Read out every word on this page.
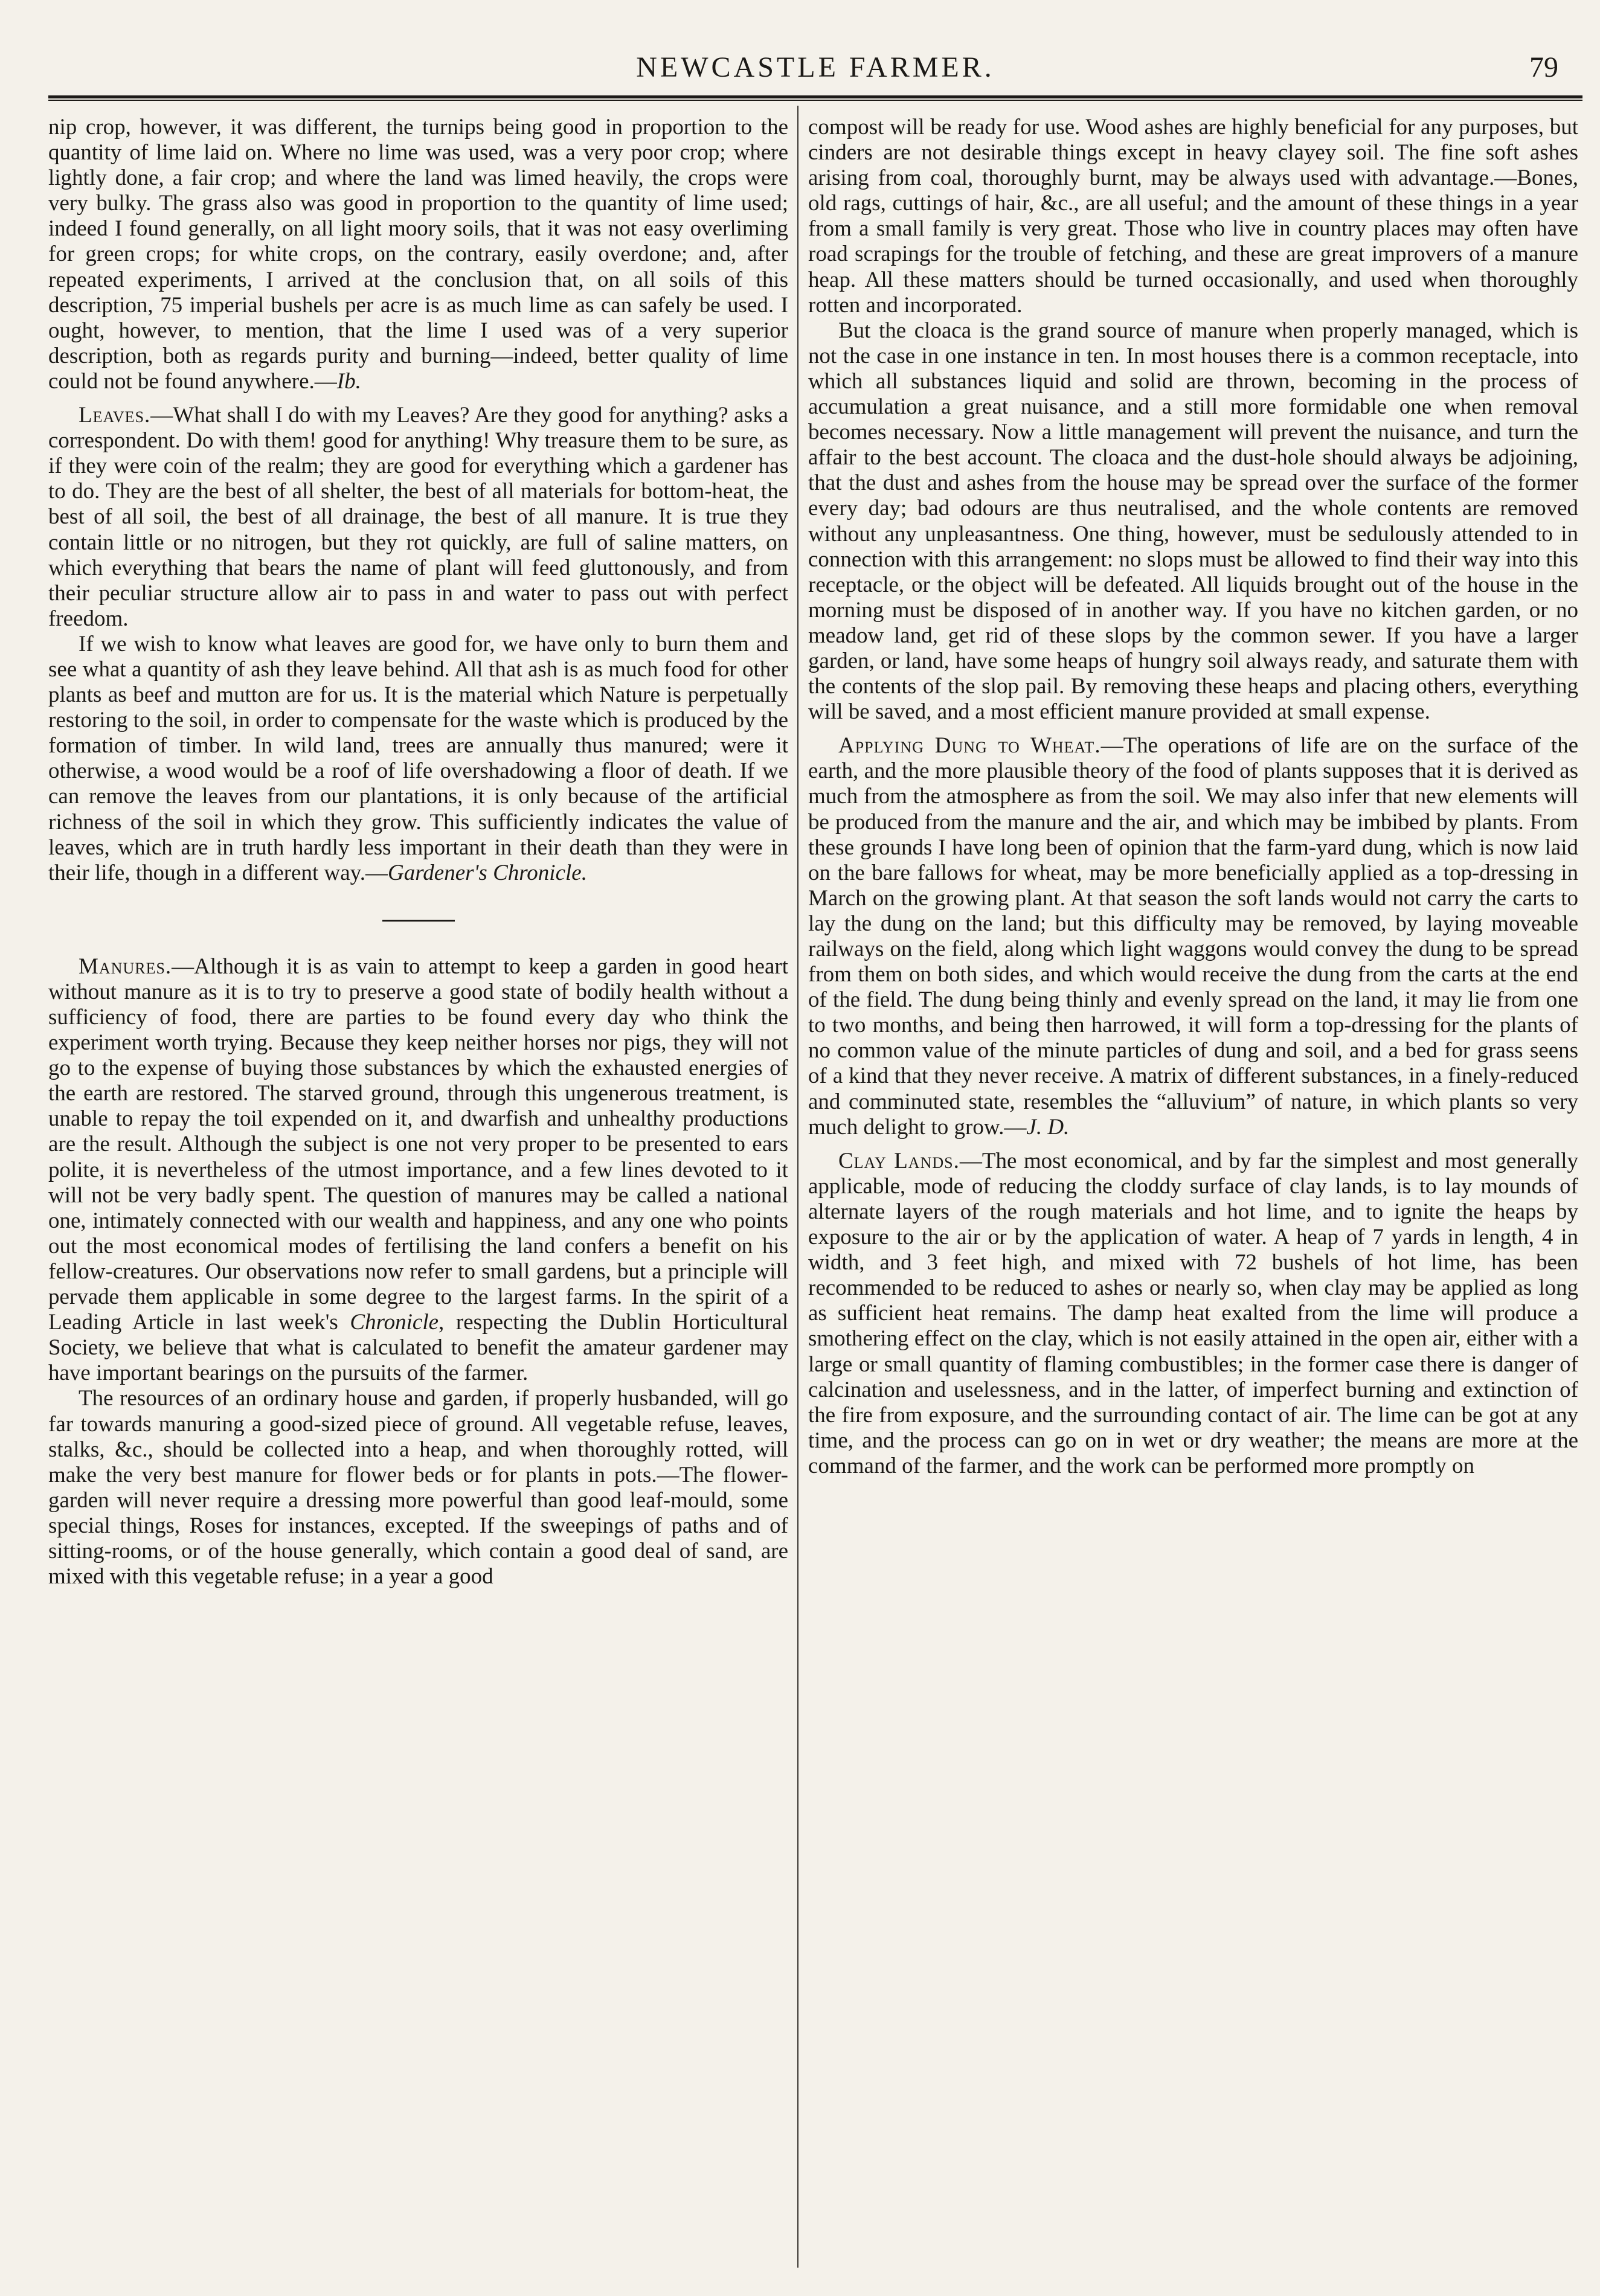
NEWCASTLE FARMER.	79

nip crop, however, it was different, the turnips being good in proportion to the quantity of lime laid on. Where no lime was used, was a very poor crop; where lightly done, a fair crop; and where the land was limed heavily, the crops were very bulky. The grass also was good in proportion to the quantity of lime used; indeed I found generally, on all light moory soils, that it was not easy overliming for green crops; for white crops, on the contrary, easily overdone; and, after repeated experiments, I arrived at the conclusion that, on all soils of this description, 75 imperial bushels per acre is as much lime as can safely be used. I ought, however, to mention, that the lime I used was of a very superior description, both as regards purity and burning—indeed, better quality of lime could not be found anywhere.—Ib.

Leaves.—What shall I do with my Leaves? Are they good for anything? asks a correspondent. Do with them! good for anything! Why treasure them to be sure, as if they were coin of the realm; they are good for everything which a gardener has to do. They are the best of all shelter, the best of all materials for bottom-heat, the best of all soil, the best of all drainage, the best of all manure. It is true they contain little or no nitrogen, but they rot quickly, are full of saline matters, on which everything that bears the name of plant will feed gluttonously, and from their peculiar structure allow air to pass in and water to pass out with perfect freedom.

If we wish to know what leaves are good for, we have only to burn them and see what a quantity of ash they leave behind. All that ash is as much food for other plants as beef and mutton are for us. It is the material which Nature is perpetually restoring to the soil, in order to compensate for the waste which is produced by the formation of timber. In wild land, trees are annually thus manured; were it otherwise, a wood would be a roof of life overshadowing a floor of death. If we can remove the leaves from our plantations, it is only because of the artificial richness of the soil in which they grow. This sufficiently indicates the value of leaves, which are in truth hardly less important in their death than they were in their life, though in a different way.—Gardener's Chronicle.

Manures.—Although it is as vain to attempt to keep a garden in good heart without manure as it is to try to preserve a good state of bodily health without a sufficiency of food, there are parties to be found every day who think the experiment worth trying. Because they keep neither horses nor pigs, they will not go to the expense of buying those substances by which the exhausted energies of the earth are restored. The starved ground, through this ungenerous treatment, is unable to repay the toil expended on it, and dwarfish and unhealthy productions are the result. Although the subject is one not very proper to be presented to ears polite, it is nevertheless of the utmost importance, and a few lines devoted to it will not be very badly spent. The question of manures may be called a national one, intimately connected with our wealth and happiness, and any one who points out the most economical modes of fertilising the land confers a benefit on his fellow-creatures. Our observations now refer to small gardens, but a principle will pervade them applicable in some degree to the largest farms. In the spirit of a Leading Article in last week's Chronicle, respecting the Dublin Horticultural Society, we believe that what is calculated to benefit the amateur gardener may have important bearings on the pursuits of the farmer.

The resources of an ordinary house and garden, if properly husbanded, will go far towards manuring a good-sized piece of ground. All vegetable refuse, leaves, stalks, &c., should be collected into a heap, and when thoroughly rotted, will make the very best manure for flower beds or for plants in pots.—The flower-garden will never require a dressing more powerful than good leaf-mould, some special things, Roses for instances, excepted. If the sweepings of paths and of sitting-rooms, or of the house generally, which contain a good deal of sand, are mixed with this vegetable refuse; in a year a good

compost will be ready for use. Wood ashes are highly beneficial for any purposes, but cinders are not desirable things except in heavy clayey soil. The fine soft ashes arising from coal, thoroughly burnt, may be always used with advantage.—Bones, old rags, cuttings of hair, &c., are all useful; and the amount of these things in a year from a small family is very great. Those who live in country places may often have road scrapings for the trouble of fetching, and these are great improvers of a manure heap. All these matters should be turned occasionally, and used when thoroughly rotten and incorporated.

But the cloaca is the grand source of manure when properly managed, which is not the case in one instance in ten. In most houses there is a common receptacle, into which all substances liquid and solid are thrown, becoming in the process of accumulation a great nuisance, and a still more formidable one when removal becomes necessary. Now a little management will prevent the nuisance, and turn the affair to the best account. The cloaca and the dust-hole should always be adjoining, that the dust and ashes from the house may be spread over the surface of the former every day; bad odours are thus neutralised, and the whole contents are removed without any unpleasantness. One thing, however, must be sedulously attended to in connection with this arrangement: no slops must be allowed to find their way into this receptacle, or the object will be defeated. All liquids brought out of the house in the morning must be disposed of in another way. If you have no kitchen garden, or no meadow land, get rid of these slops by the common sewer. If you have a larger garden, or land, have some heaps of hungry soil always ready, and saturate them with the contents of the slop pail. By removing these heaps and placing others, everything will be saved, and a most efficient manure provided at small expense.

Applying Dung to Wheat.—The operations of life are on the surface of the earth, and the more plausible theory of the food of plants supposes that it is derived as much from the atmosphere as from the soil. We may also infer that new elements will be produced from the manure and the air, and which may be imbibed by plants. From these grounds I have long been of opinion that the farm-yard dung, which is now laid on the bare fallows for wheat, may be more beneficially applied as a top-dressing in March on the growing plant. At that season the soft lands would not carry the carts to lay the dung on the land; but this difficulty may be removed, by laying moveable railways on the field, along which light waggons would convey the dung to be spread from them on both sides, and which would receive the dung from the carts at the end of the field. The dung being thinly and evenly spread on the land, it may lie from one to two months, and being then harrowed, it will form a top-dressing for the plants of no common value of the minute particles of dung and soil, and a bed for grass seens of a kind that they never receive. A matrix of different substances, in a finely-reduced and comminuted state, resembles the “alluvium” of nature, in which plants so very much delight to grow.—J. D.

Clay Lands.—The most economical, and by far the simplest and most generally applicable, mode of reducing the cloddy surface of clay lands, is to lay mounds of alternate layers of the rough materials and hot lime, and to ignite the heaps by exposure to the air or by the application of water. A heap of 7 yards in length, 4 in width, and 3 feet high, and mixed with 72 bushels of hot lime, has been recommended to be reduced to ashes or nearly so, when clay may be applied as long as sufficient heat remains. The damp heat exalted from the lime will produce a smothering effect on the clay, which is not easily attained in the open air, either with a large or small quantity of flaming combustibles; in the former case there is danger of calcination and uselessness, and in the latter, of imperfect burning and extinction of the fire from exposure, and the surrounding contact of air. The lime can be got at any time, and the process can go on in wet or dry weather; the means are more at the command of the farmer, and the work can be performed more promptly on
